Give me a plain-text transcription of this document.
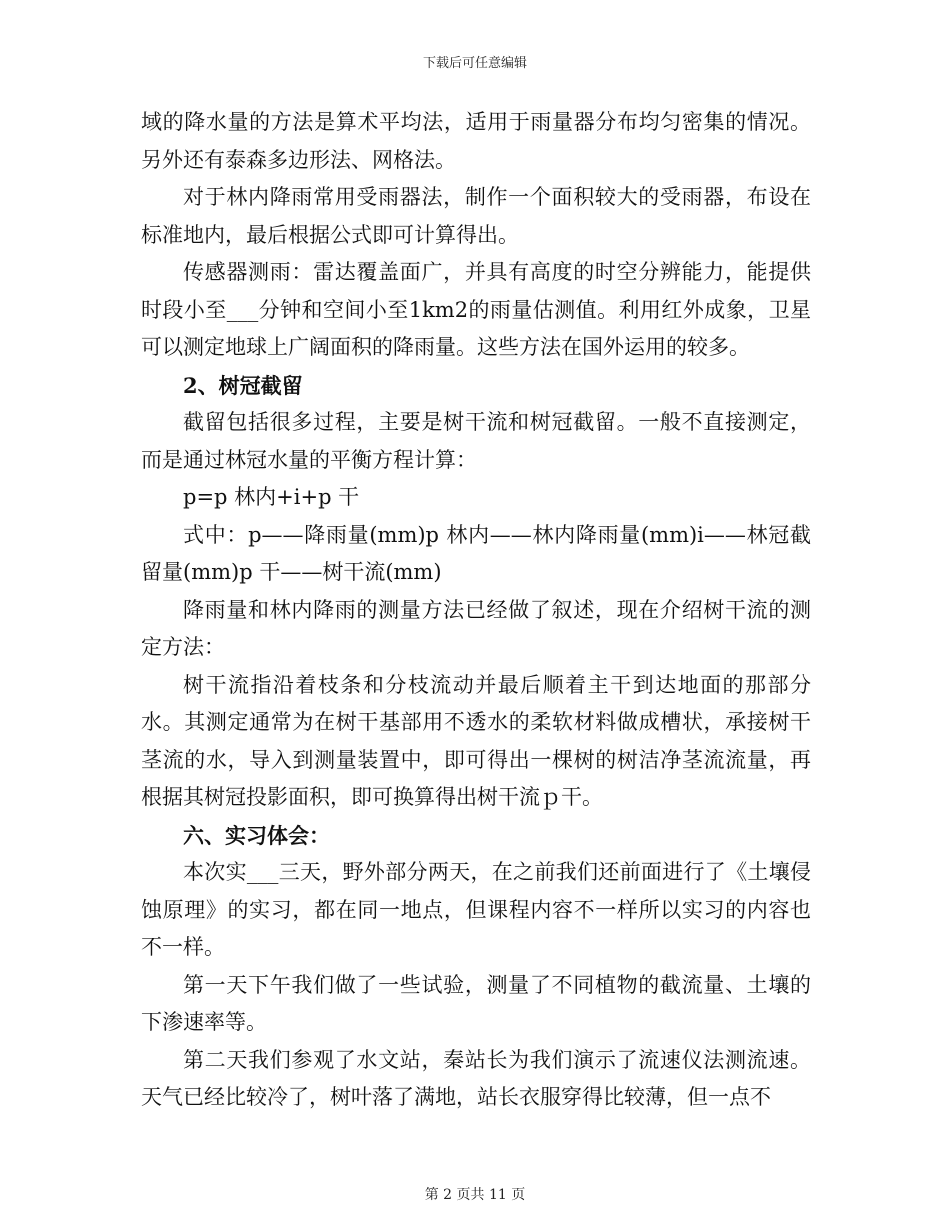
下载后可任意编辑

域的降水量的方法是算术平均法，适用于雨量器分布均匀密集的情况。另外还有泰森多边形法、网格法。

对于林内降雨常用受雨器法，制作一个面积较大的受雨器，布设在标准地内，最后根据公式即可计算得出。

传感器测雨：雷达覆盖面广，并具有高度的时空分辨能力，能提供时段小至___分钟和空间小至1km2的雨量估测值。利用红外成象，卫星可以测定地球上广阔面积的降雨量。这些方法在国外运用的较多。

2、树冠截留

截留包括很多过程，主要是树干流和树冠截留。一般不直接测定，而是通过林冠水量的平衡方程计算：

p=p 林内+i+p 干

式中：p——降雨量(mm)p 林内——林内降雨量(mm)i——林冠截留量(mm)p 干——树干流(mm)

降雨量和林内降雨的测量方法已经做了叙述，现在介绍树干流的测定方法：

树干流指沿着枝条和分枝流动并最后顺着主干到达地面的那部分水。其测定通常为在树干基部用不透水的柔软材料做成槽状，承接树干茎流的水，导入到测量装置中，即可得出一棵树的树洁净茎流流量，再根据其树冠投影面积，即可换算得出树干流ｐ干。

六、实习体会：

本次实___三天，野外部分两天，在之前我们还前面进行了《土壤侵蚀原理》的实习，都在同一地点，但课程内容不一样所以实习的内容也不一样。

第一天下午我们做了一些试验，测量了不同植物的截流量、土壤的下渗速率等。

第二天我们参观了水文站，秦站长为我们演示了流速仪法测流速。天气已经比较冷了，树叶落了满地，站长衣服穿得比较薄，但一点不

第 2 页共 11 页
